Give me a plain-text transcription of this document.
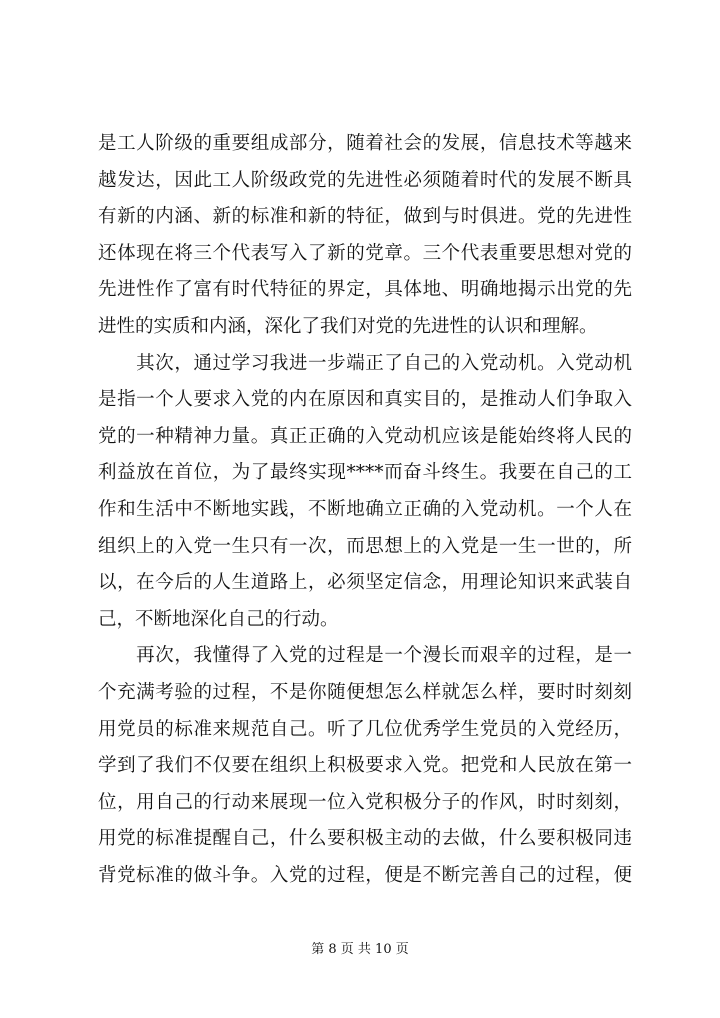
是工人阶级的重要组成部分，随着社会的发展，信息技术等越来
越发达，因此工人阶级政党的先进性必须随着时代的发展不断具
有新的内涵、新的标准和新的特征，做到与时俱进。党的先进性
还体现在将三个代表写入了新的党章。三个代表重要思想对党的
先进性作了富有时代特征的界定，具体地、明确地揭示出党的先
进性的实质和内涵，深化了我们对党的先进性的认识和理解。
　　其次，通过学习我进一步端正了自己的入党动机。入党动机
是指一个人要求入党的内在原因和真实目的，是推动人们争取入
党的一种精神力量。真正正确的入党动机应该是能始终将人民的
利益放在首位，为了最终实现****而奋斗终生。我要在自己的工
作和生活中不断地实践，不断地确立正确的入党动机。一个人在
组织上的入党一生只有一次，而思想上的入党是一生一世的，所
以，在今后的人生道路上，必须坚定信念，用理论知识来武装自
己，不断地深化自己的行动。
　　再次，我懂得了入党的过程是一个漫长而艰辛的过程，是一
个充满考验的过程，不是你随便想怎么样就怎么样，要时时刻刻
用党员的标准来规范自己。听了几位优秀学生党员的入党经历，
学到了我们不仅要在组织上积极要求入党。把党和人民放在第一
位，用自己的行动来展现一位入党积极分子的作风，时时刻刻，
用党的标准提醒自己，什么要积极主动的去做，什么要积极同违
背党标准的做斗争。入党的过程，便是不断完善自己的过程，便
第 8 页 共 10 页
